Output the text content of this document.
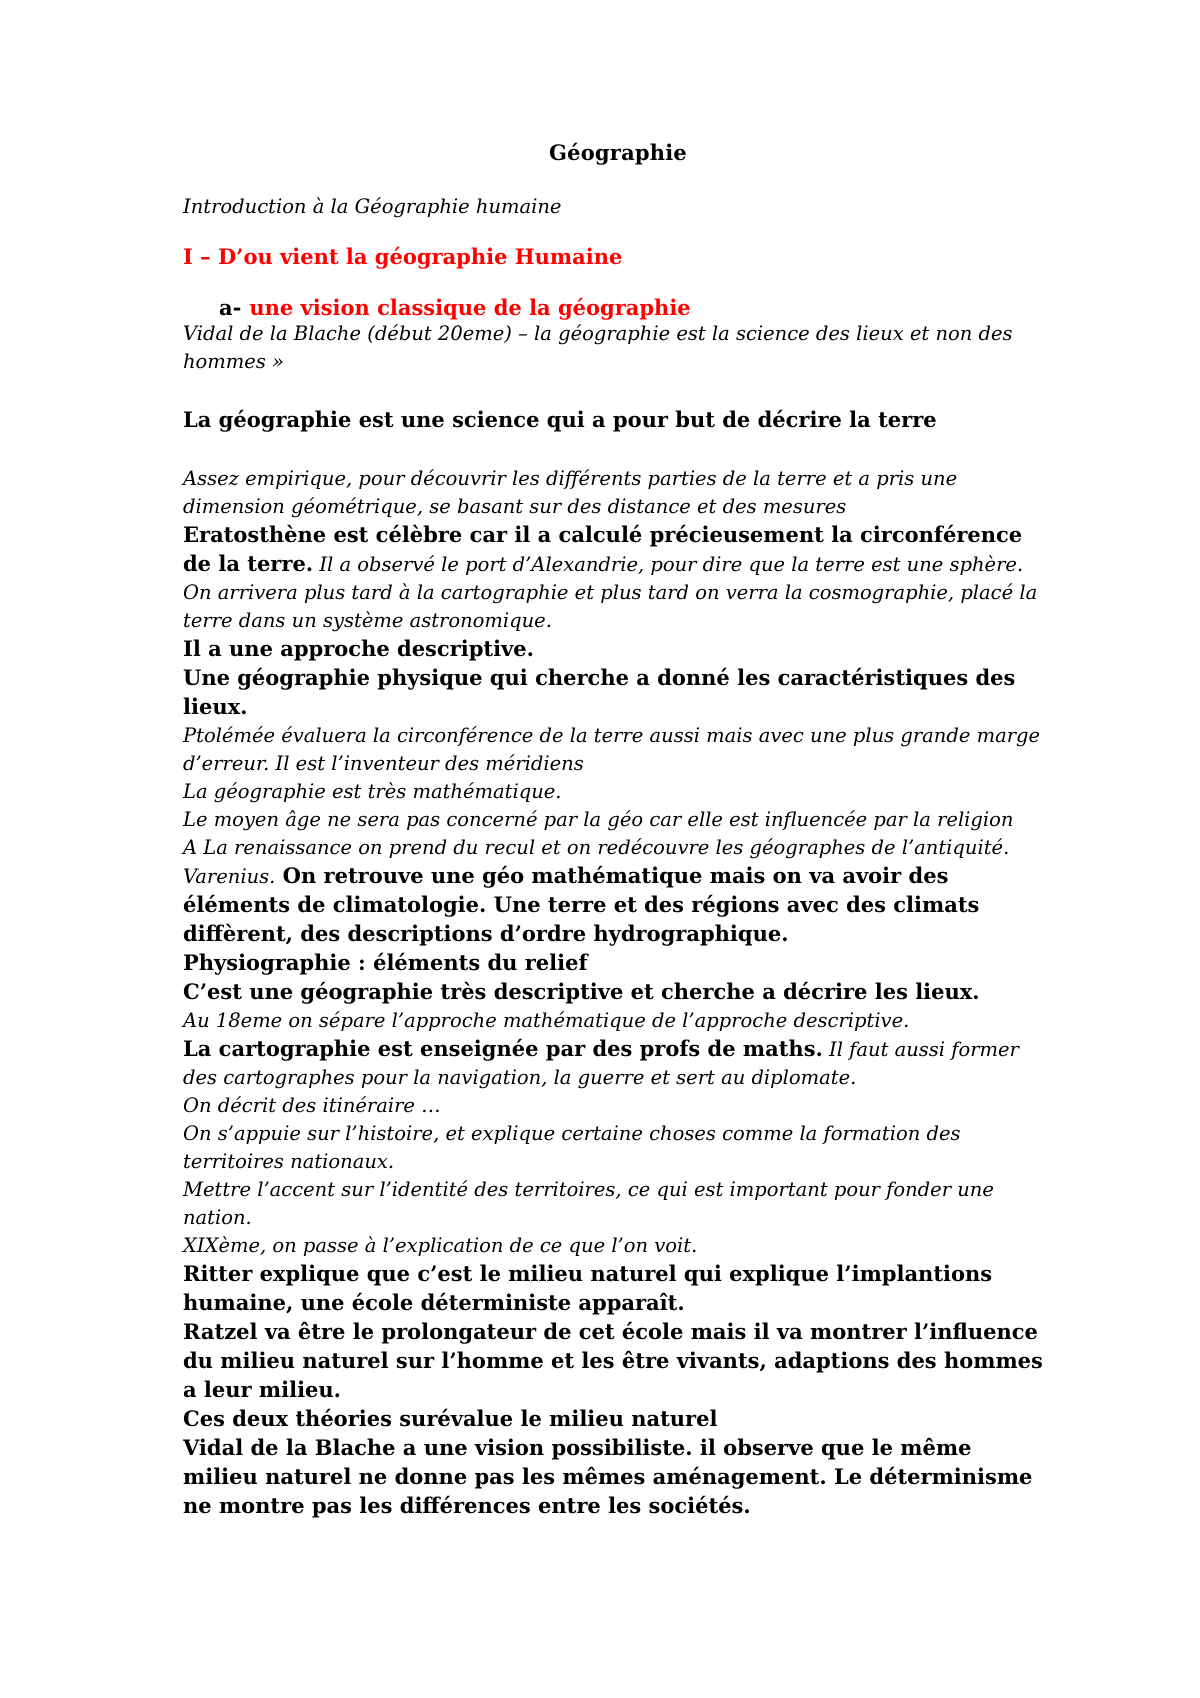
Géographie
Introduction à la Géographie humaine
I – D’ou vient la géographie Humaine
a- une vision classique de la géographie
Vidal de la Blache (début 20eme) – la géographie est la science des lieux et non des hommes »
La géographie est une science qui a pour but de décrire la terre
Assez empirique, pour découvrir les différents parties de la terre et a pris une dimension géométrique, se basant sur des distance et des mesures
Eratosthène est célèbre car il a calculé précieusement la circonférence de la terre. Il a observé le port d’Alexandrie, pour dire que la terre est une sphère.
On arrivera plus tard à la cartographie et plus tard on verra la cosmographie, placé la terre dans un système astronomique.
Il a une approche descriptive.
Une géographie physique qui cherche a donné les caractéristiques des lieux.
Ptolémée évaluera la circonférence de la terre aussi mais avec une plus grande marge d’erreur. Il est l’inventeur des méridiens
La géographie est très mathématique.
Le moyen âge ne sera pas concerné par la géo car elle est influencée par la religion
A La renaissance on prend du recul et on redécouvre les géographes de l’antiquité.
Varenius. On retrouve une géo mathématique mais on va avoir des éléments de climatologie. Une terre et des régions avec des climats diffèrent, des descriptions d’ordre hydrographique.
Physiographie : éléments du relief
C’est une géographie très descriptive et cherche a décrire les lieux.
Au 18eme on sépare l’approche mathématique de l’approche descriptive.
La cartographie est enseignée par des profs de maths. Il faut aussi former des cartographes pour la navigation, la guerre et sert au diplomate.
On décrit des itinéraire …
On s’appuie sur l’histoire, et explique certaine choses comme la formation des territoires nationaux.
Mettre l’accent sur l’identité des territoires, ce qui est important pour fonder une nation.
XIXème, on passe à l’explication de ce que l’on voit.
Ritter explique que c’est le milieu naturel qui explique l’implantions humaine, une école déterministe apparaît.
Ratzel va être le prolongateur de cet école mais il va montrer l’influence du milieu naturel sur l’homme et les être vivants, adaptions des hommes a leur milieu.
Ces deux théories surévalue le milieu naturel
Vidal de la Blache a une vision possibiliste. il observe que le même milieu naturel ne donne pas les mêmes aménagement. Le déterminisme ne montre pas les différences entre les sociétés.
